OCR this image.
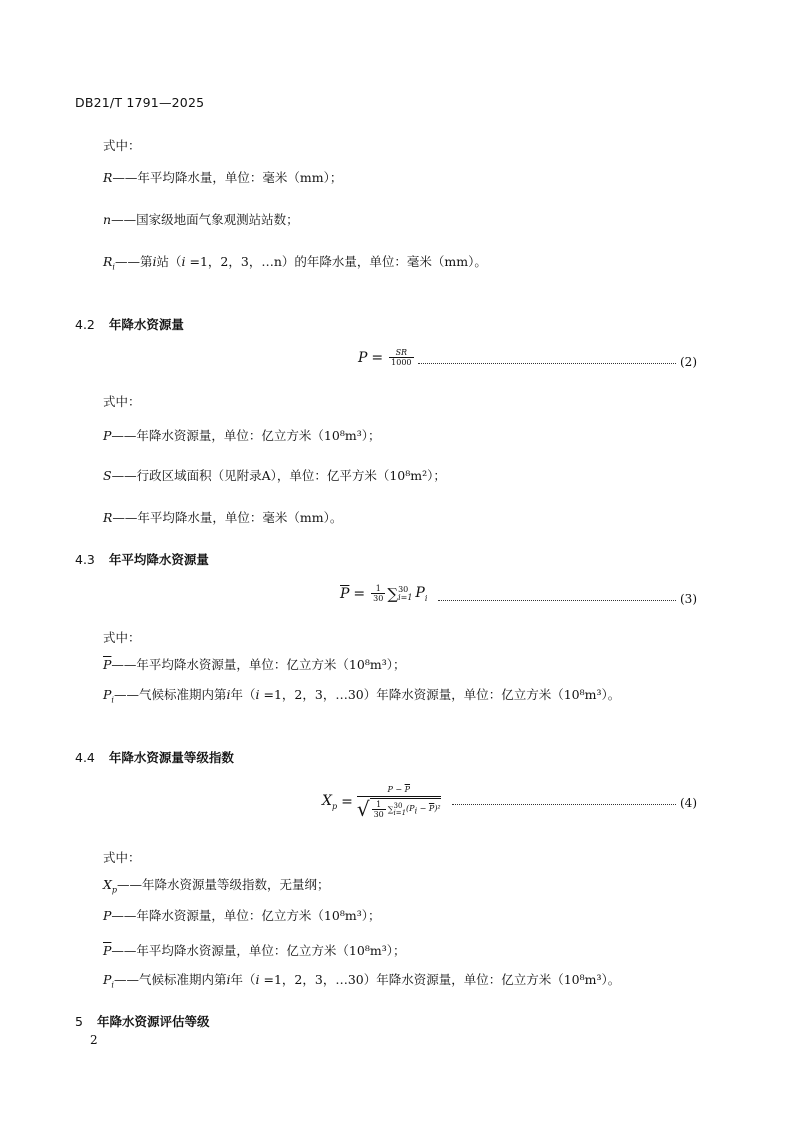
DB21/T 1791—2025
式中：
R——年平均降水量，单位：毫米（mm）；
n——国家级地面气象观测站站数；
$R_i——$第i站（i =1，2，3，…n）的年降水量，单位：毫米（mm）。
4.2 年降水资源量
$P = \frac{SR}{1000}$	(2)
式中：
P——年降水资源量，单位：亿立方米（10⁸m³）；
S——行政区域面积（见附录A），单位：亿平方米（10⁸m²）；
R——年平均降水量，单位：毫米（mm）。
4.3 年平均降水资源量
$\overline{P} = \frac{1}{30}$ ∑ 30
i=1 $P_i$	(3)
式中：
$\overline{P}——$年平均降水资源量，单位：亿立方米（10⁸m³）；
$P_i——$气候标准期内第i年（i =1，2，3，…30）年降水资源量，单位：亿立方米（10⁸m³）。
4.4 年降水资源量等级指数
$X_p$ =
$P - \overline{P}$
√ $\frac{1}{30}$ ∑ 30
i=1 $(P_i - \overline{P})^2$	(4)
式中：
$X_p——$年降水资源量等级指数，无量纲；
P——年降水资源量，单位：亿立方米（10⁸m³）；
$\overline{P}——$年平均降水资源量，单位：亿立方米（10⁸m³）；
$P_i——$气候标准期内第i年（i =1，2，3，…30）年降水资源量，单位：亿立方米（10⁸m³）。
5 年降水资源评估等级
2
